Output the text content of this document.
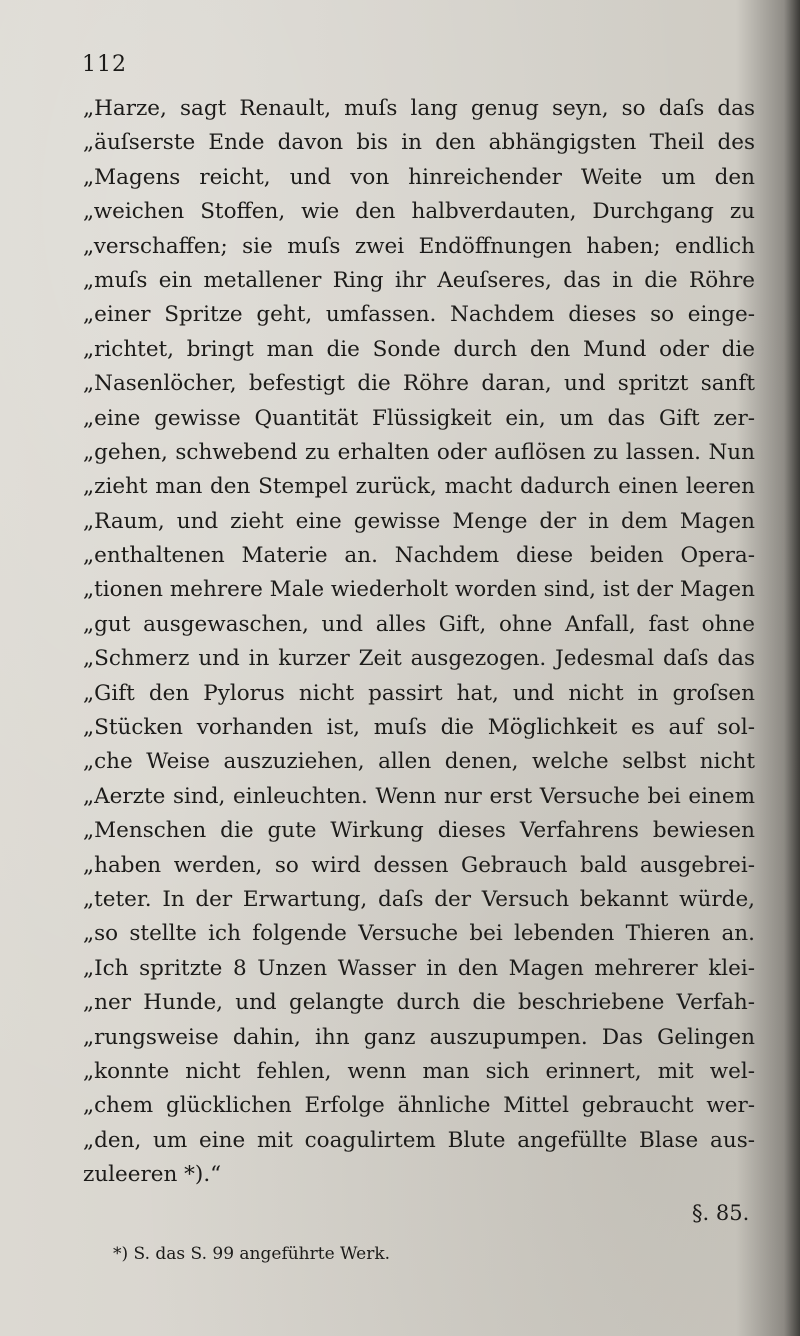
112
„Harze, sagt Renault, muſs lang genug seyn, so daſs das
„äuſserste Ende davon bis in den abhängigsten Theil des
„Magens reicht, und von hinreichender Weite um den
„weichen Stoffen, wie den halbverdauten, Durchgang zu
„verschaffen; sie muſs zwei Endöffnungen haben; endlich
„muſs ein metallener Ring ihr Aeuſseres, das in die Röhre
„einer Spritze geht, umfassen. Nachdem dieses so einge-
„richtet, bringt man die Sonde durch den Mund oder die
„Nasenlöcher, befestigt die Röhre daran, und spritzt sanft
„eine gewisse Quantität Flüssigkeit ein, um das Gift zer-
„gehen, schwebend zu erhalten oder auflösen zu lassen. Nun
„zieht man den Stempel zurück, macht dadurch einen leeren
„Raum, und zieht eine gewisse Menge der in dem Magen
„enthaltenen Materie an. Nachdem diese beiden Opera-
„tionen mehrere Male wiederholt worden sind, ist der Magen
„gut ausgewaschen, und alles Gift, ohne Anfall, fast ohne
„Schmerz und in kurzer Zeit ausgezogen. Jedesmal daſs das
„Gift den Pylorus nicht passirt hat, und nicht in groſsen
„Stücken vorhanden ist, muſs die Möglichkeit es auf sol-
„che Weise auszuziehen, allen denen, welche selbst nicht
„Aerzte sind, einleuchten. Wenn nur erst Versuche bei einem
„Menschen die gute Wirkung dieses Verfahrens bewiesen
„haben werden, so wird dessen Gebrauch bald ausgebrei-
„teter. In der Erwartung, daſs der Versuch bekannt würde,
„so stellte ich folgende Versuche bei lebenden Thieren an.
„Ich spritzte 8 Unzen Wasser in den Magen mehrerer klei-
„ner Hunde, und gelangte durch die beschriebene Verfah-
„rungsweise dahin, ihn ganz auszupumpen. Das Gelingen
„konnte nicht fehlen, wenn man sich erinnert, mit wel-
„chem glücklichen Erfolge ähnliche Mittel gebraucht wer-
„den, um eine mit coagulirtem Blute angefüllte Blase aus-
zuleeren *).“
§. 85.
*) S. das S. 99 angeführte Werk.
